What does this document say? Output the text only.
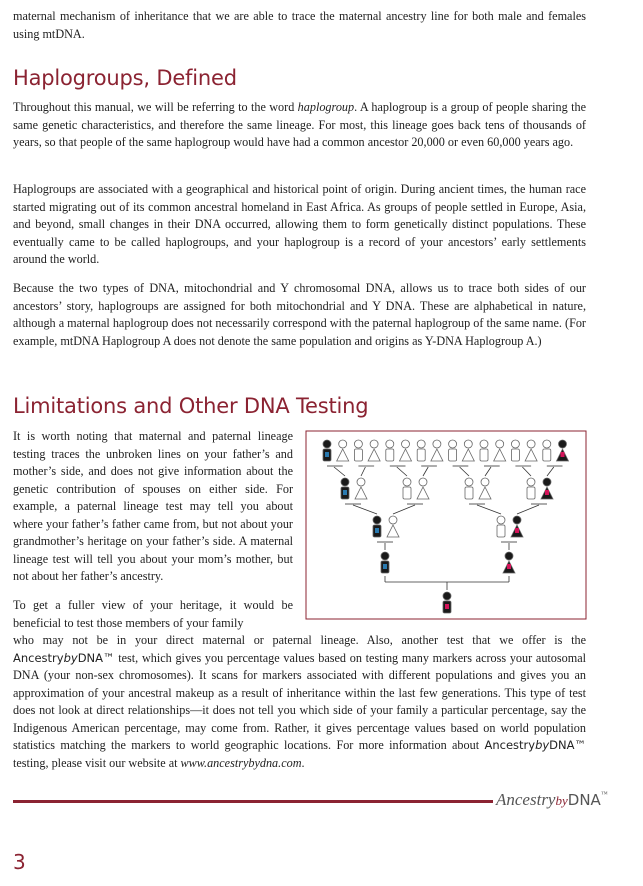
maternal mechanism of inheritance that we are able to trace the maternal ancestry line for both male and females using mtDNA.

Haplogroups, Defined

Throughout this manual, we will be referring to the word haplogroup. A haplogroup is a group of people sharing the same genetic characteristics, and therefore the same lineage. For most, this lineage goes back tens of thousands of years, so that people of the same haplogroup would have had a common ancestor 20,000 or even 60,000 years ago.

Haplogroups are associated with a geographical and historical point of origin. During ancient times, the human race started migrating out of its common ancestral homeland in East Africa. As groups of people settled in Europe, Asia, and beyond, small changes in their DNA occurred, allowing them to form genetically distinct populations. These eventually came to be called haplogroups, and your haplogroup is a record of your ancestors’ early settlements around the world.

Because the two types of DNA, mitochondrial and Y chromosomal DNA, allows us to trace both sides of our ancestors’ story, haplogroups are assigned for both mitochondrial and Y DNA. These are alphabetical in nature, although a maternal haplogroup does not necessarily correspond with the paternal haplogroup of the same name. (For example, mtDNA Haplogroup A does not denote the same population and origins as Y-DNA Haplogroup A.)

Limitations and Other DNA Testing

It is worth noting that maternal and paternal lineage testing traces the unbroken lines on your father’s and mother’s side, and does not give information about the genetic contribution of spouses on either side. For example, a paternal lineage test may tell you about where your father’s father came from, but not about your grandmother’s heritage on your father’s side. A maternal lineage test will tell you about your mom’s mother, but not about her father’s ancestry.

To get a fuller view of your heritage, it would be beneficial to test those members of your family

who may not be in your direct maternal or paternal lineage. Also, another test that we offer is the AncestrybyDNA™ test, which gives you percentage values based on testing many markers across your autosomal DNA (your non-sex chromosomes). It scans for markers associated with different populations and gives you an approximation of your ancestral makeup as a result of inheritance within the last few generations. This type of test does not look at direct relationships—it does not tell you which side of your family a particular percentage, say the Indigenous American percentage, may come from. Rather, it gives percentage values based on world population statistics matching the markers to world geographic locations. For more information about AncestrybyDNA™ testing, please visit our website at www.ancestrybydna.com.

AncestrybyDNA™
3
